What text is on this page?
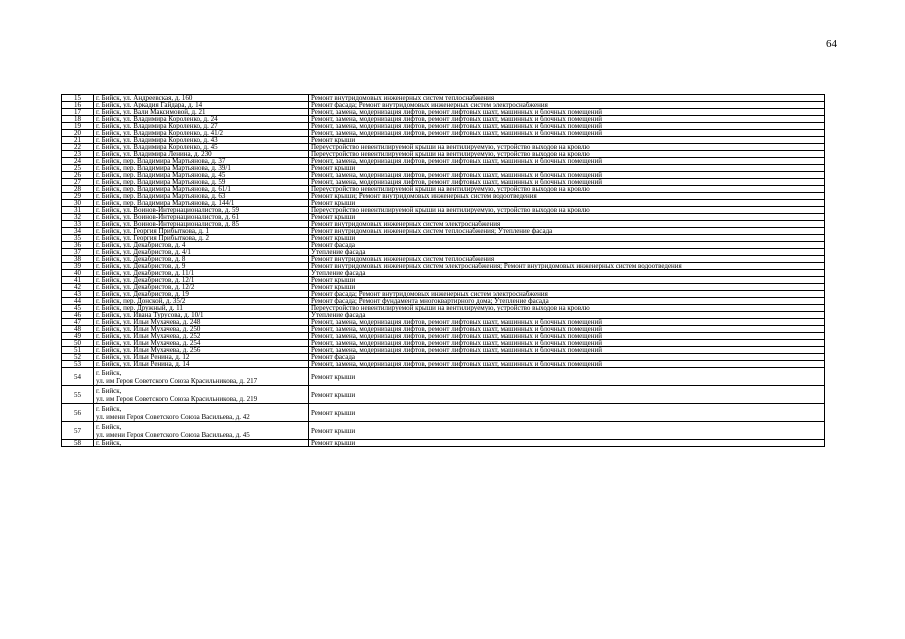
64
15	г. Бийск, ул. Андреевская, д. 160	Ремонт внутридомовых инженерных систем теплоснабжения
16	г. Бийск, ул. Аркадия Гайдара, д. 14	Ремонт фасада; Ремонт внутридомовых инженерных систем электроснабжения
17	г. Бийск, ул. Вали Максимовой, д. 21	Ремонт, замена, модернизация лифтов, ремонт лифтовых шахт, машинных и блочных помещений
18	г. Бийск, ул. Владимира Короленко, д. 24	Ремонт, замена, модернизация лифтов, ремонт лифтовых шахт, машинных и блочных помещений
19	г. Бийск, ул. Владимира Короленко, д. 27	Ремонт, замена, модернизация лифтов, ремонт лифтовых шахт, машинных и блочных помещений
20	г. Бийск, ул. Владимира Короленко, д. 41/2	Ремонт, замена, модернизация лифтов, ремонт лифтовых шахт, машинных и блочных помещений
21	г. Бийск, ул. Владимира Короленко, д. 43	Ремонт крыши
22	г. Бийск, ул. Владимира Короленко, д. 45	Переустройство невентилируемой крыши на вентилируемую, устройство выходов на кровлю
23	г. Бийск, ул. Владимира Ленина, д. 230	Переустройство невентилируемой крыши на вентилируемую, устройство выходов на кровлю
24	г. Бийск, пер. Владимира Мартьянова, д. 37	Ремонт, замена, модернизация лифтов, ремонт лифтовых шахт, машинных и блочных помещений
25	г. Бийск, пер. Владимира Мартьянова, д. 39/1	Ремонт крыши
26	г. Бийск, пер. Владимира Мартьянова, д. 45	Ремонт, замена, модернизация лифтов, ремонт лифтовых шахт, машинных и блочных помещений
27	г. Бийск, пер. Владимира Мартьянова, д. 59	Ремонт, замена, модернизация лифтов, ремонт лифтовых шахт, машинных и блочных помещений
28	г. Бийск, пер. Владимира Мартьянова, д. 61/1	Переустройство невентилируемой крыши на вентилируемую, устройство выходов на кровлю
29	г. Бийск, пер. Владимира Мартьянова, д. 63	Ремонт крыши; Ремонт внутридомовых инженерных систем водоотведения
30	г. Бийск, пер. Владимира Мартьянова, д. 144/1	Ремонт крыши
31	г. Бийск, ул. Воинов-Интернационалистов, д. 59	Переустройство невентилируемой крыши на вентилируемую, устройство выходов на кровлю
32	г. Бийск, ул. Воинов-Интернационалистов, д. 61	Ремонт крыши
33	г. Бийск, ул. Воинов-Интернационалистов, д. 85	Ремонт внутридомовых инженерных систем электроснабжения
34	г. Бийск, ул. Георгия Прибыткова, д. 1	Ремонт внутридомовых инженерных систем теплоснабжения; Утепление фасада
35	г. Бийск, ул. Георгия Прибыткова, д. 2	Ремонт крыши
36	г. Бийск, ул. Декабристов, д. 4	Ремонт фасада
37	г. Бийск, ул. Декабристов, д. 4/1	Утепление фасада
38	г. Бийск, ул. Декабристов, д. 8	Ремонт внутридомовых инженерных систем теплоснабжения
39	г. Бийск, ул. Декабристов, д. 9	Ремонт внутридомовых инженерных систем электроснабжения; Ремонт внутридомовых инженерных систем водоотведения
40	г. Бийск, ул. Декабристов, д. 11/1	Утепление фасада
41	г. Бийск, ул. Декабристов, д. 12/1	Ремонт крыши
42	г. Бийск, ул. Декабристов, д. 12/2	Ремонт крыши
43	г. Бийск, ул. Декабристов, д. 19	Ремонт фасада; Ремонт внутридомовых инженерных систем электроснабжения
44	г. Бийск, пер. Донской, д. 35/2	Ремонт фасада; Ремонт фундамента многоквартирного дома; Утепление фасада
45	г. Бийск, пер. Дружный, д. 11	Переустройство невентилируемой крыши на вентилируемую, устройство выходов на кровлю
46	г. Бийск, ул. Ивана Турусова, д. 10/1	Утепление фасада
47	г. Бийск, ул. Ильи Мухачева, д. 248	Ремонт, замена, модернизация лифтов, ремонт лифтовых шахт, машинных и блочных помещений
48	г. Бийск, ул. Ильи Мухачева, д. 250	Ремонт, замена, модернизация лифтов, ремонт лифтовых шахт, машинных и блочных помещений
49	г. Бийск, ул. Ильи Мухачева, д. 252	Ремонт, замена, модернизация лифтов, ремонт лифтовых шахт, машинных и блочных помещений
50	г. Бийск, ул. Ильи Мухачева, д. 254	Ремонт, замена, модернизация лифтов, ремонт лифтовых шахт, машинных и блочных помещений
51	г. Бийск, ул. Ильи Мухачева, д. 256	Ремонт, замена, модернизация лифтов, ремонт лифтовых шахт, машинных и блочных помещений
52	г. Бийск, ул. Ильи Ренина, д. 12	Ремонт фасада
53	г. Бийск, ул. Ильи Ренина, д. 14	Ремонт, замена, модернизация лифтов, ремонт лифтовых шахт, машинных и блочных помещений
54	г. Бийск,
ул. им Героя Советского Союза Красильникова, д. 217	Ремонт крыши
55	г. Бийск,
ул. им Героя Советского Союза Красильникова, д. 219	Ремонт крыши
56	г. Бийск,
ул. имени Героя Советского Союза Васильева, д. 42	Ремонт крыши
57	г. Бийск,
ул. имени Героя Советского Союза Васильева, д. 45	Ремонт крыши
58	г. Бийск,	Ремонт крыши
